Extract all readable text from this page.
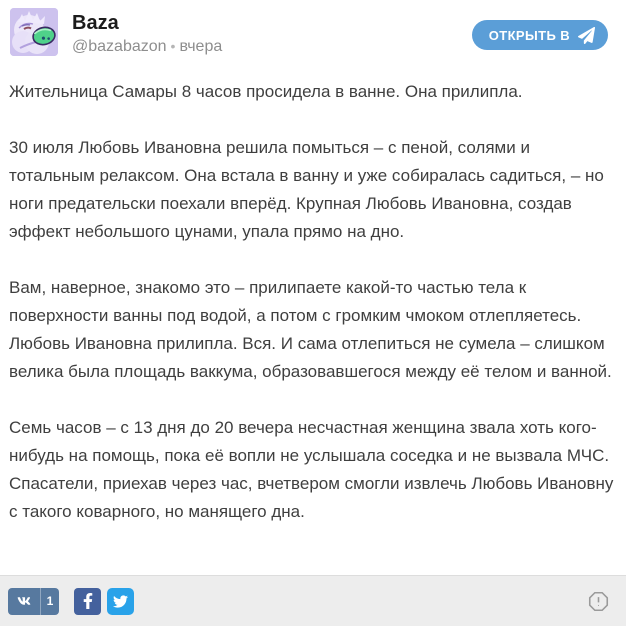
Baza
@bazabazon • вчера
ОТКРЫТЬ В

Жительница Самары 8 часов просидела в ванне. Она прилипла.

30 июля Любовь Ивановна решила помыться – с пеной, солями и тотальным релаксом. Она встала в ванну и уже собиралась садиться, – но ноги предательски поехали вперёд. Крупная Любовь Ивановна, создав эффект небольшого цунами, упала прямо на дно.

Вам, наверное, знакомо это – прилипаете какой-то частью тела к поверхности ванны под водой, а потом с громким чмоком отлепляетесь. Любовь Ивановна прилипла. Вся. И сама отлепиться не сумела – слишком велика была площадь ваккума, образовавшегося между её телом и ванной.

Семь часов – с 13 дня до 20 вечера несчастная женщина звала хоть кого-нибудь на помощь, пока её вопли не услышала соседка и не вызвала МЧС. Спасатели, приехав через час, вчетвером смогли извлечь Любовь Ивановну с такого коварного, но манящего дна.

1
